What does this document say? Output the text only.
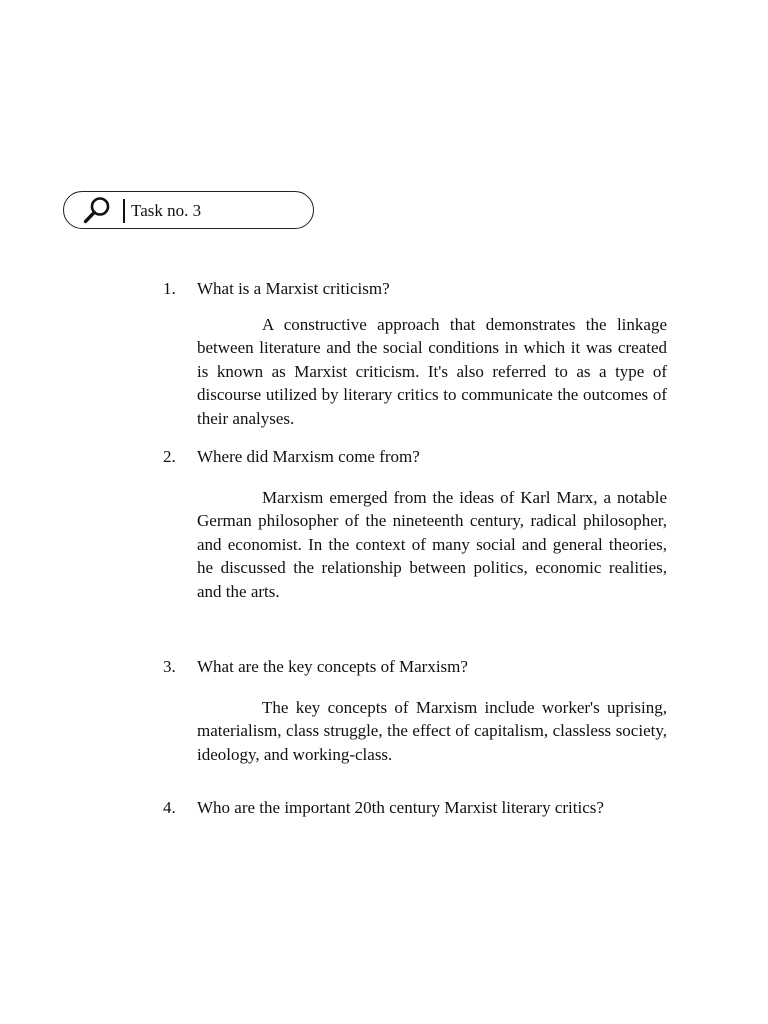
Task no. 3
1.	What is a Marxist criticism?
A constructive approach that demonstrates the linkage between literature and the social conditions in which it was created is known as Marxist criticism. It's also referred to as a type of discourse utilized by literary critics to communicate the outcomes of their analyses.
2.	Where did Marxism come from?
Marxism emerged from the ideas of Karl Marx, a notable German philosopher of the nineteenth century, radical philosopher, and economist. In the context of many social and general theories, he discussed the relationship between politics, economic realities, and the arts.
3.	What are the key concepts of Marxism?
The key concepts of Marxism include worker's uprising, materialism, class struggle, the effect of capitalism, classless society, ideology, and working-class.
4.	Who are the important 20th century Marxist literary critics?
